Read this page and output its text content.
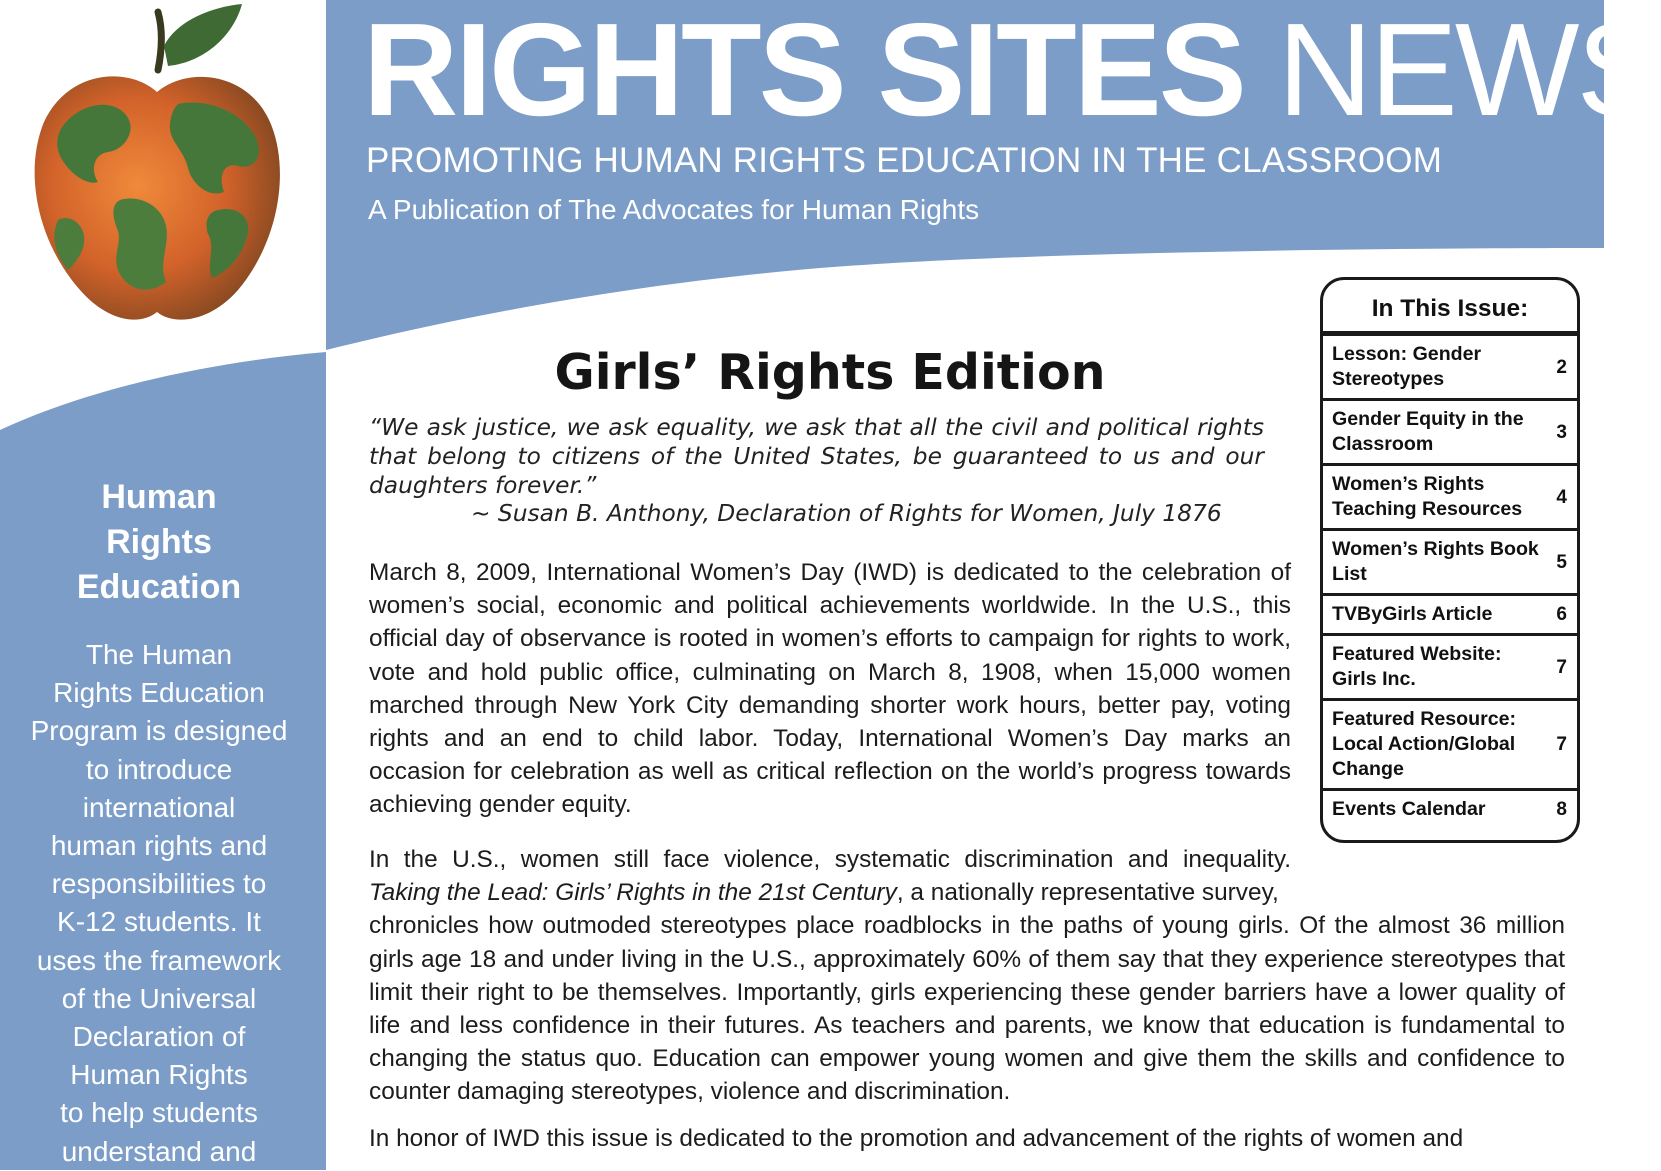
RIGHTS SITES NEWS
PROMOTING HUMAN RIGHTS EDUCATION IN THE CLASSROOM
A Publication of The Advocates for Human Rights
Human
Rights
Education
The Human
Rights Education
Program is designed
to introduce
international
human rights and
responsibilities to
K-12 students. It
uses the framework
of the Universal
Declaration of
Human Rights
to help students
understand and
Girls’ Rights Edition
“We ask justice, we ask equality, we ask that all the civil and political rights that belong to citizens of the United States, be guaranteed to us and our daughters forever.”
~ Susan B. Anthony, Declaration of Rights for Women, July 1876
March 8, 2009, International Women’s Day (IWD) is dedicated to the celebration of women’s social, economic and political achievements worldwide. In the U.S., this official day of observance is rooted in women’s efforts to campaign for rights to work, vote and hold public office, culminating on March 8, 1908, when 15,000 women marched through New York City demanding shorter work hours, better pay, voting rights and an end to child labor. Today, International Women’s Day marks an occasion for celebration as well as critical reflection on the world’s progress towards achieving gender equity.
In the U.S., women still face violence, systematic discrimination and inequality. Taking the Lead: Girls’ Rights in the 21st Century, a nationally representative survey,
chronicles how outmoded stereotypes place roadblocks in the paths of young girls. Of the almost 36 million girls age 18 and under living in the U.S., approximately 60% of them say that they experience stereotypes that limit their right to be themselves. Importantly, girls experiencing these gender barriers have a lower quality of life and less confidence in their futures. As teachers and parents, we know that education is fundamental to changing the status quo. Education can empower young women and give them the skills and confidence to counter damaging stereotypes, violence and discrimination.
In honor of IWD this issue is dedicated to the promotion and advancement of the rights of women and
In This Issue:
Lesson: Gender Stereotypes
2
Gender Equity in the Classroom
3
Women’s Rights Teaching Resources
4
Women’s Rights Book List
5
TVByGirls Article	6
Featured Website: Girls Inc.
7
Featured Resource: Local Action/Global Change
7
Events Calendar	8
